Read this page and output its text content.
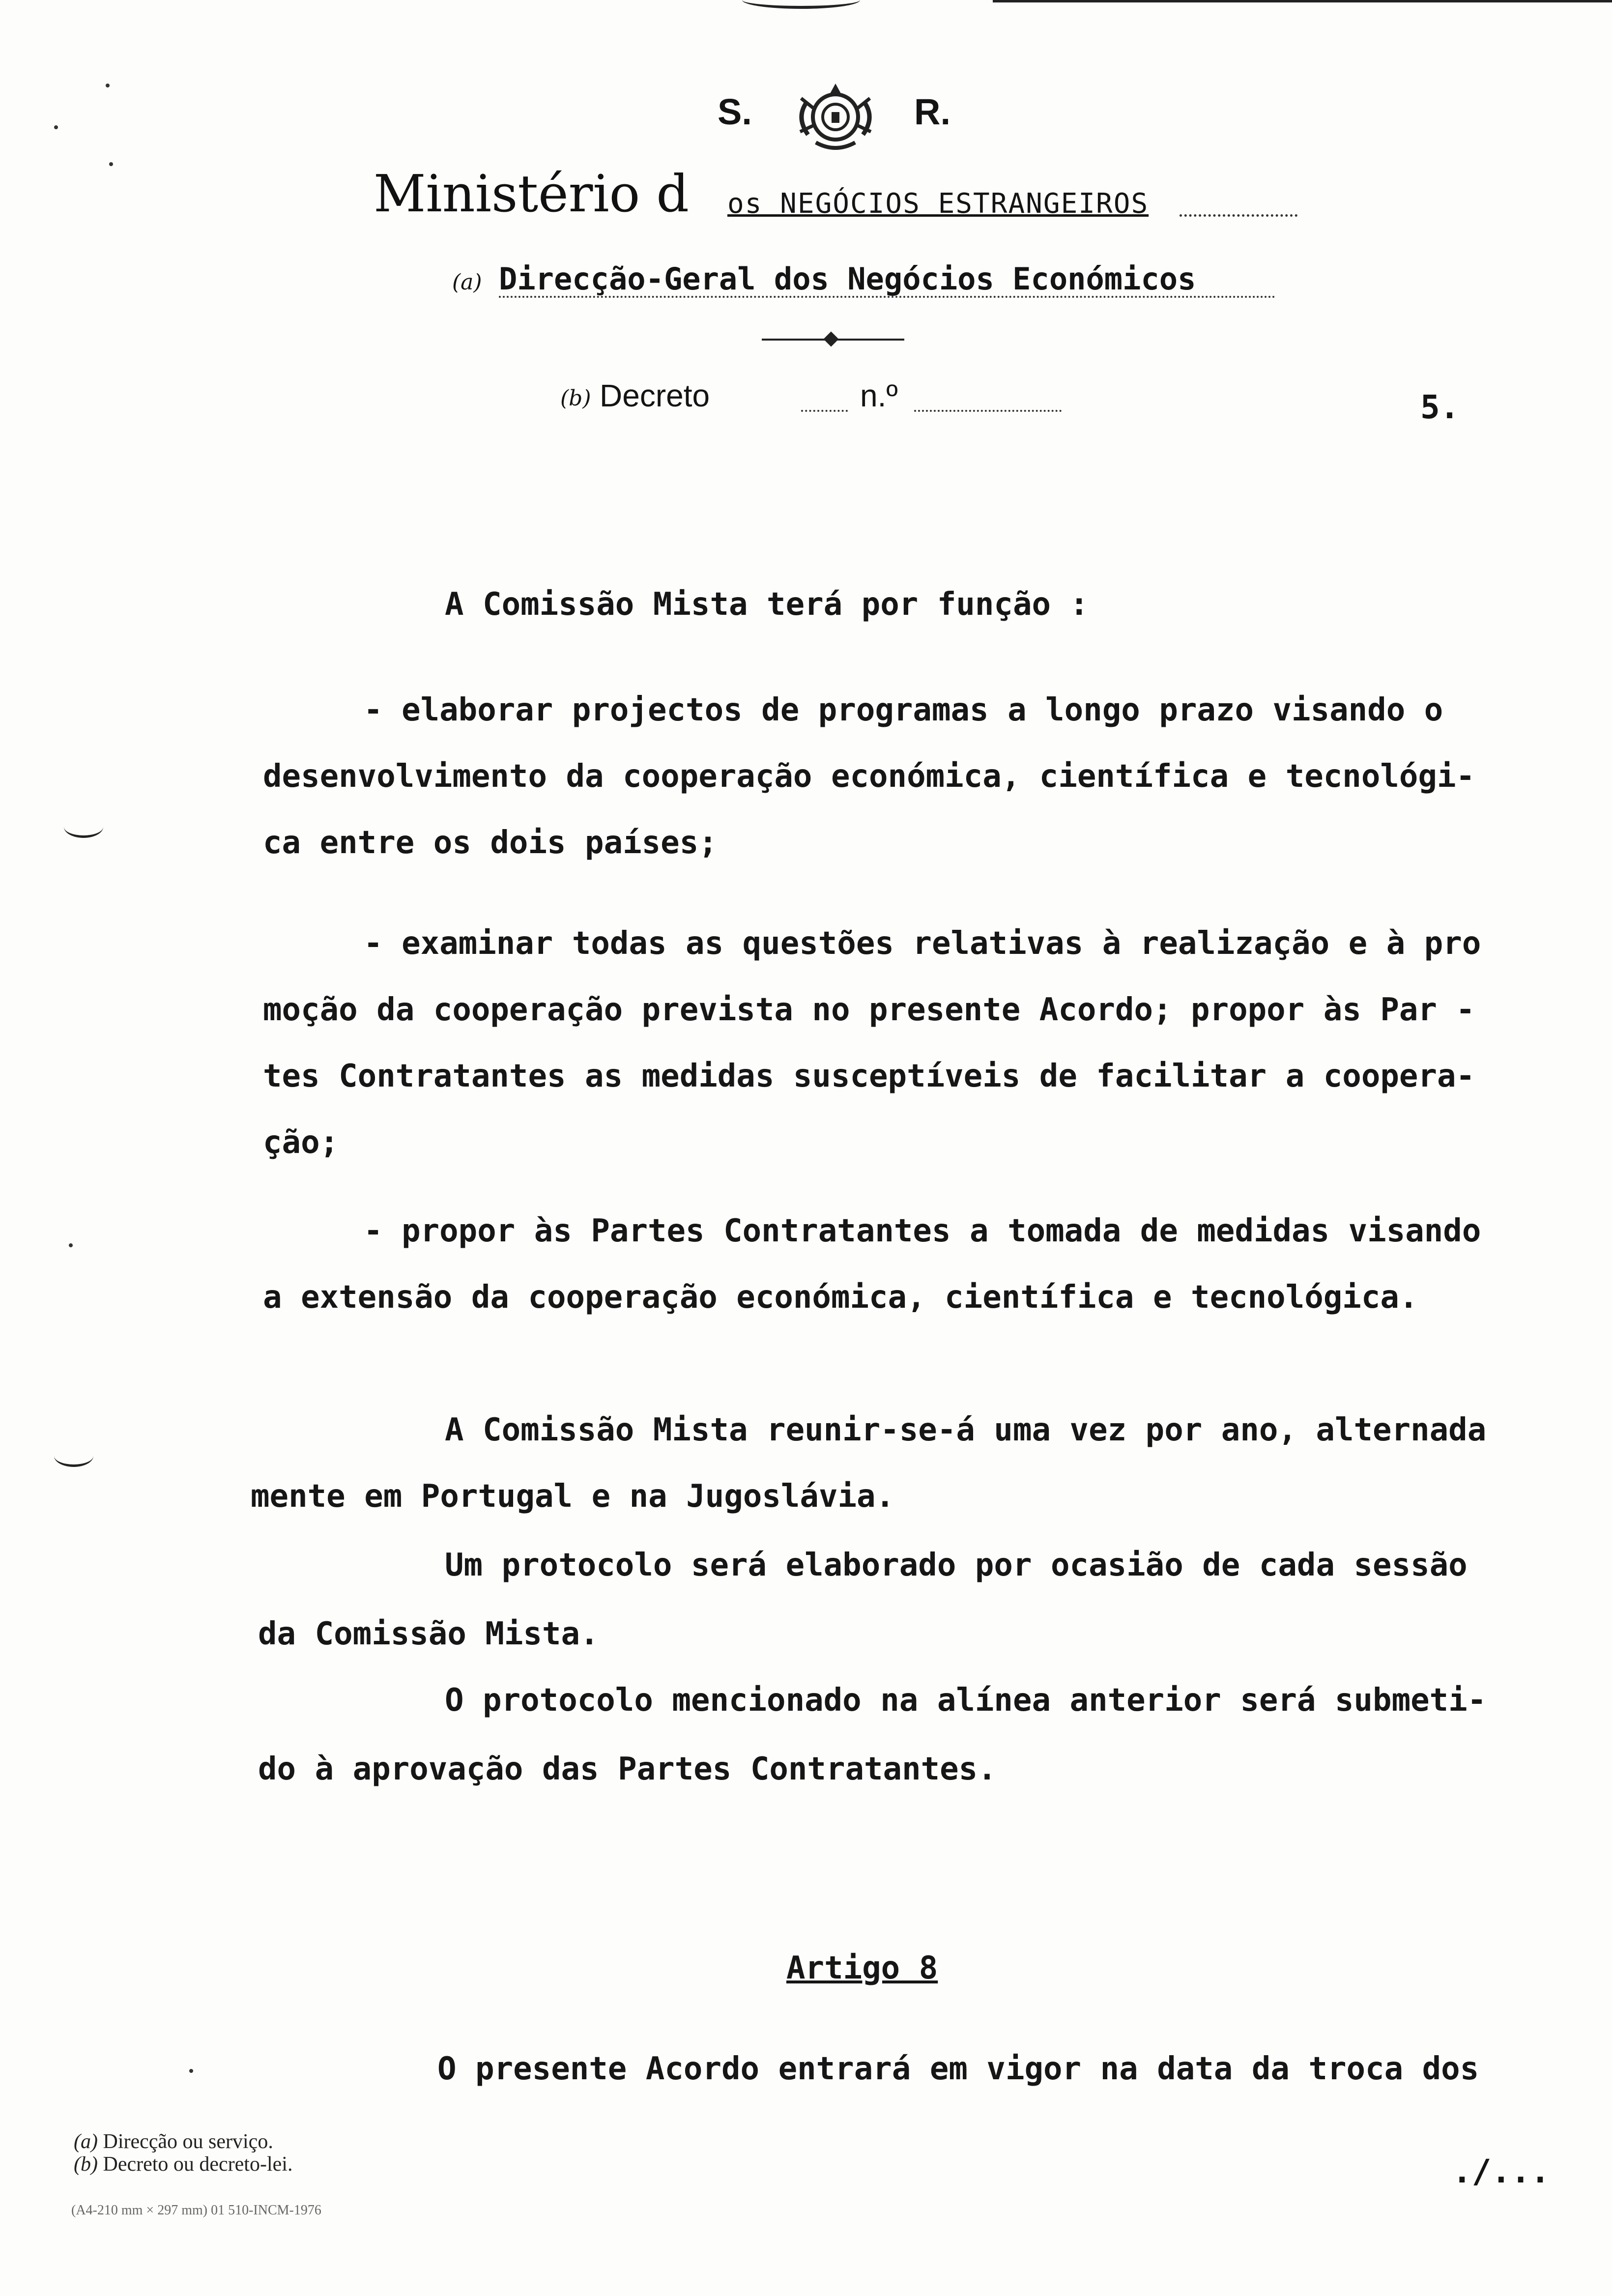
S.	R.
Ministério d os NEGÓCIOS ESTRANGEIROS
(a) Direcção-Geral dos Negócios Económicos
(b) Decreto	n.º	5.
A Comissão Mista terá por função :
- elaborar projectos de programas a longo prazo visando o
desenvolvimento da cooperação económica, científica e tecnológi-
ca entre os dois países;
- examinar todas as questões relativas à realização e à pro
moção da cooperação prevista no presente Acordo; propor às Par -
tes Contratantes as medidas susceptíveis de facilitar a coopera-
ção;
- propor às Partes Contratantes a tomada de medidas visando
a extensão da cooperação económica, científica e tecnológica.
A Comissão Mista reunir-se-á uma vez por ano, alternada
mente em Portugal e na Jugoslávia.
Um protocolo será elaborado por ocasião de cada sessão
da Comissão Mista.
O protocolo mencionado na alínea anterior será submeti-
do à aprovação das Partes Contratantes.
Artigo 8
O presente Acordo entrará em vigor na data da troca dos
(a) Direcção ou serviço.
(b) Decreto ou decreto-lei.
(A4-210 mm × 297 mm) 01 510-INCM-1976
./...
